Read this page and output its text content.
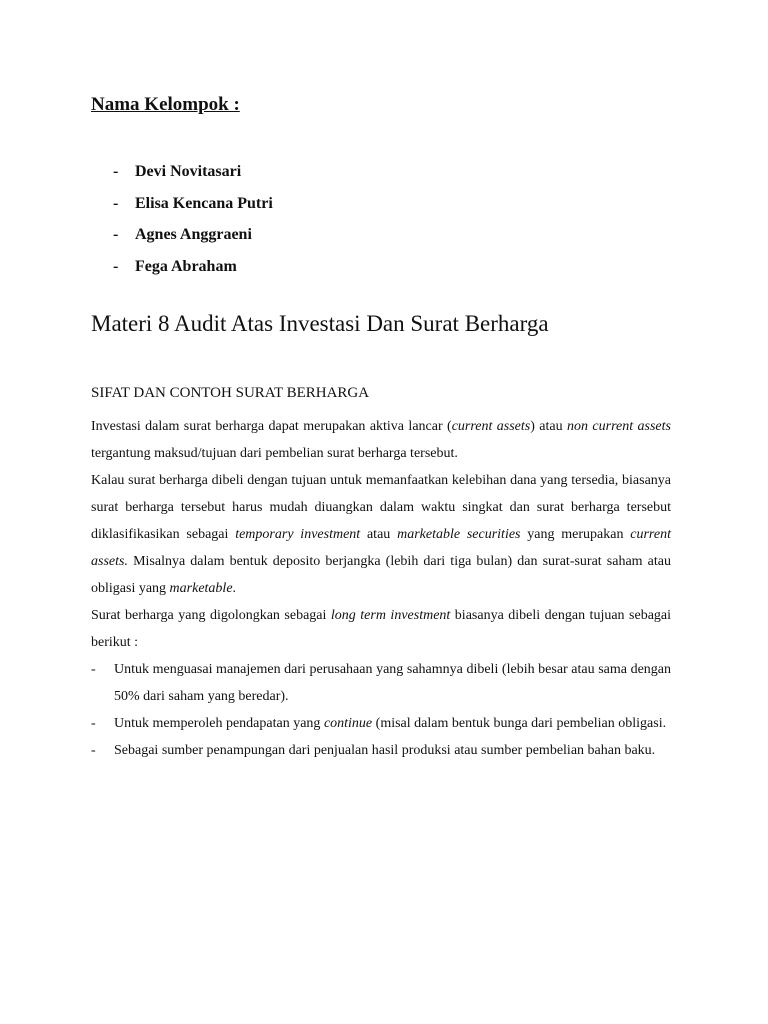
Nama Kelompok :
- Devi Novitasari
- Elisa Kencana Putri
- Agnes Anggraeni
- Fega Abraham
Materi 8 Audit Atas Investasi Dan Surat Berharga
SIFAT DAN CONTOH SURAT BERHARGA

Investasi dalam surat berharga dapat merupakan aktiva lancar (current assets) atau non current assets tergantung maksud/tujuan dari pembelian surat berharga tersebut.

Kalau surat berharga dibeli dengan tujuan untuk memanfaatkan kelebihan dana yang tersedia, biasanya surat berharga tersebut harus mudah diuangkan dalam waktu singkat dan surat berharga tersebut diklasifikasikan sebagai temporary investment atau marketable securities yang merupakan current assets. Misalnya dalam bentuk deposito berjangka (lebih dari tiga bulan) dan surat-surat saham atau obligasi yang marketable.

Surat berharga yang digolongkan sebagai long term investment biasanya dibeli dengan tujuan sebagai berikut :

- Untuk menguasai manajemen dari perusahaan yang sahamnya dibeli (lebih besar atau sama dengan 50% dari saham yang beredar).
- Untuk memperoleh pendapatan yang continue (misal dalam bentuk bunga dari pembelian obligasi.
- Sebagai sumber penampungan dari penjualan hasil produksi atau sumber pembelian bahan baku.
